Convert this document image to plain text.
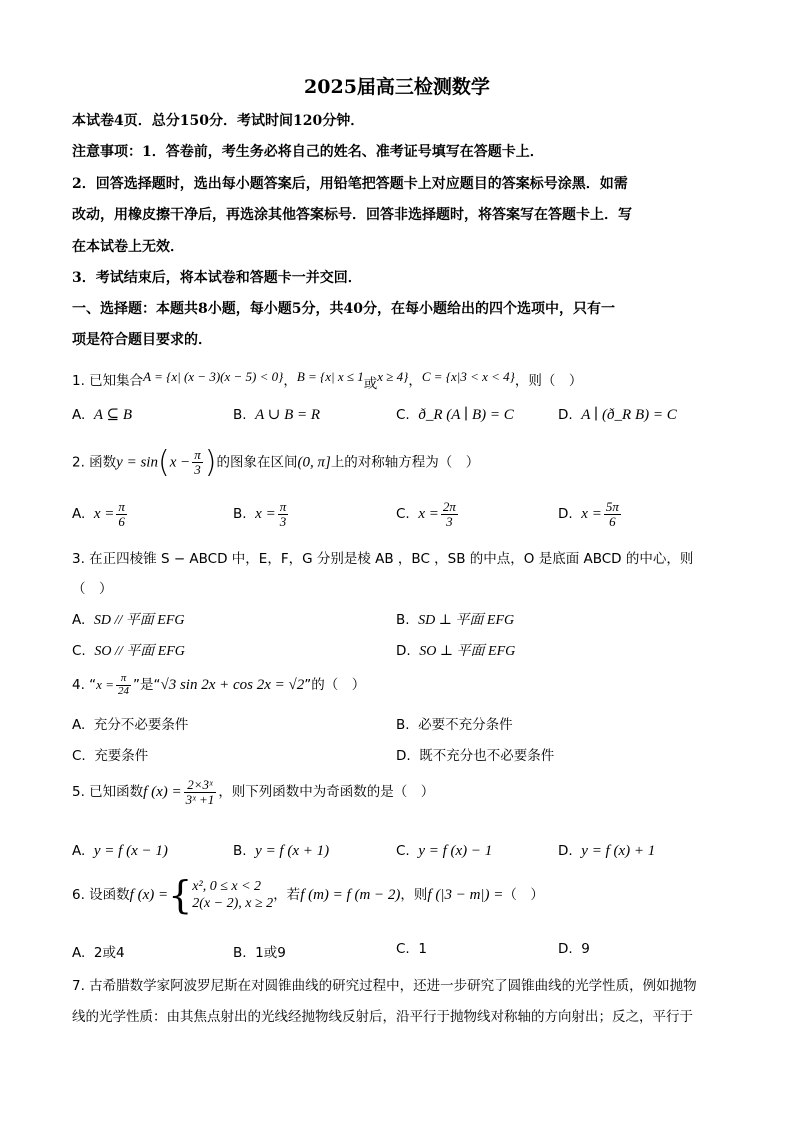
2025届高三检测数学
本试卷4页．总分150分．考试时间120分钟．
注意事项：1．答卷前，考生务必将自己的姓名、准考证号填写在答题卡上．
2．回答选择题时，选出每小题答案后，用铅笔把答题卡上对应题目的答案标号涂黑．如需
改动，用橡皮擦干净后，再选涂其他答案标号．回答非选择题时，将答案写在答题卡上．写
在本试卷上无效．
3．考试结束后，将本试卷和答题卡一并交回．
一、选择题：本题共8小题，每小题5分，共40分，在每小题给出的四个选项中，只有一
项是符合题目要求的．
1. 已知集合A = {x| (x − 3)(x − 5) < 0}，B = {x| x ≤ 1或x ≥ 4}，C = {x|3 < x < 4}，则（　）
A. A ⊆ B	B. A ∪ B = R	C. ð_R (A ∣ B) = C	D. A ∣ (ð_R B) = C
2. 函数$y = \sin(x - \frac{\pi}{3}$ )的图象在区间(0, π]上的对称轴方程为（　）
A. $x = \frac{\pi}{6}$	B. $x = \frac{\pi}{3}$	C. $x = \frac{2\pi}{3}$	D. $x = \frac{5\pi}{6}$
3. 在正四棱锥 S − ABCD 中，E，F，G 分别是棱 AB ，BC ，SB 的中点，O 是底面 ABCD 的中心，则
（　）
A. SD // 平面 EFG	B. SD ⊥ 平面 EFG
C. SO // 平面 EFG	D. SO ⊥ 平面 EFG
4. “$x = \frac{\pi}{24}$ ”是“√3 sin 2x + cos 2x = √2”的（　）
A. 充分不必要条件	B. 必要不充分条件
C. 充要条件	D. 既不充分也不必要条件
5. 已知函数f $(x) = \frac{\text{2×3ˣ}}{\text{3ˣ +1}}$ ，则下列函数中为奇函数的是（　）
A. y = f (x − 1)	B. y = f (x + 1)	C. y = f (x) − 1	D. y = f (x) + 1
6. 设函数f (x) ={ x², 0 ≤ x < 2
2(x − 2), x ≥ 2
，若f (m) = f (m − 2)，则f (|3 − m|) =（　）
A. 2或4	B. 1或9	C. 1	D. 9
7. 古希腊数学家阿波罗尼斯在对圆锥曲线的研究过程中，还进一步研究了圆锥曲线的光学性质，例如抛物
线的光学性质：由其焦点射出的光线经抛物线反射后，沿平行于抛物线对称轴的方向射出；反之，平行于
